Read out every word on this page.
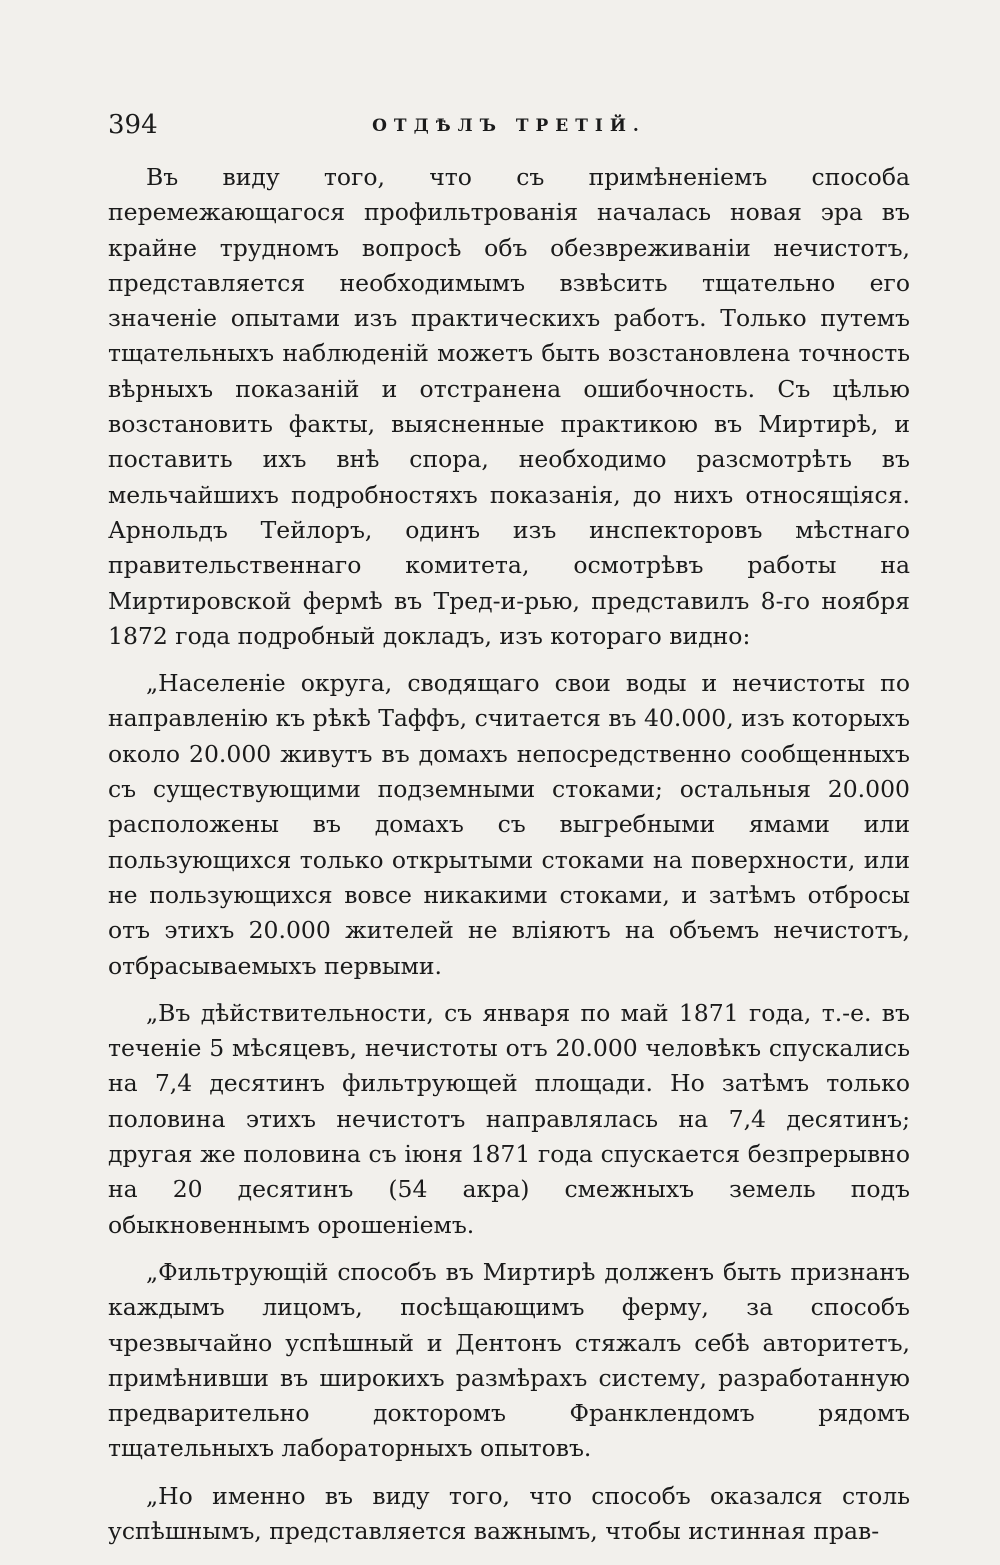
394	ОТДѢЛЪ ТРЕТІЙ.

Въ виду того, что съ примѣненіемъ способа перемежающагося профильтрованія началась новая эра въ крайне трудномъ вопросѣ объ обезвреживаніи нечистотъ, представляется необходимымъ взвѣсить тщательно его значеніе опытами изъ практическихъ работъ. Только путемъ тщательныхъ наблюденій можетъ быть возстановлена точность вѣрныхъ показаній и отстранена ошибочность. Съ цѣлью возстановить факты, выясненные практикою въ Миртирѣ, и поставить ихъ внѣ спора, необходимо разсмотрѣть въ мельчайшихъ подробностяхъ показанія, до нихъ относящіяся. Арнольдъ Тейлоръ, одинъ изъ инспекторовъ мѣстнаго правительственнаго комитета, осмотрѣвъ работы на Миртировской фермѣ въ Тред-и-рью, представилъ 8-го ноября 1872 года подробный докладъ, изъ котораго видно:

„Населеніе округа, сводящаго свои воды и нечистоты по направленію къ рѣкѣ Таффъ, считается въ 40.000, изъ которыхъ около 20.000 живутъ въ домахъ непосредственно сообщенныхъ съ существующими подземными стоками; остальныя 20.000 расположены въ домахъ съ выгребными ямами или пользующихся только открытыми стоками на поверхности, или не пользующихся вовсе никакими стоками, и затѣмъ отбросы отъ этихъ 20.000 жителей не вліяютъ на объемъ нечистотъ, отбрасываемыхъ первыми.

„Въ дѣйствительности, съ января по май 1871 года, т.-е. въ теченіе 5 мѣсяцевъ, нечистоты отъ 20.000 человѣкъ спускались на 7,4 десятинъ фильтрующей площади. Но затѣмъ только половина этихъ нечистотъ направлялась на 7,4 десятинъ; другая же половина съ іюня 1871 года спускается безпрерывно на 20 десятинъ (54 акра) смежныхъ земель подъ обыкновеннымъ орошеніемъ.

„Фильтрующій способъ въ Миртирѣ долженъ быть признанъ каждымъ лицомъ, посѣщающимъ ферму, за способъ чрезвычайно успѣшный и Дентонъ стяжалъ себѣ авторитетъ, примѣнивши въ широкихъ размѣрахъ систему, разработанную предварительно докторомъ Франклендомъ рядомъ тщательныхъ лабораторныхъ опытовъ.

„Но именно въ виду того, что способъ оказался столь успѣшнымъ, представляется важнымъ, чтобы истинная прав-
